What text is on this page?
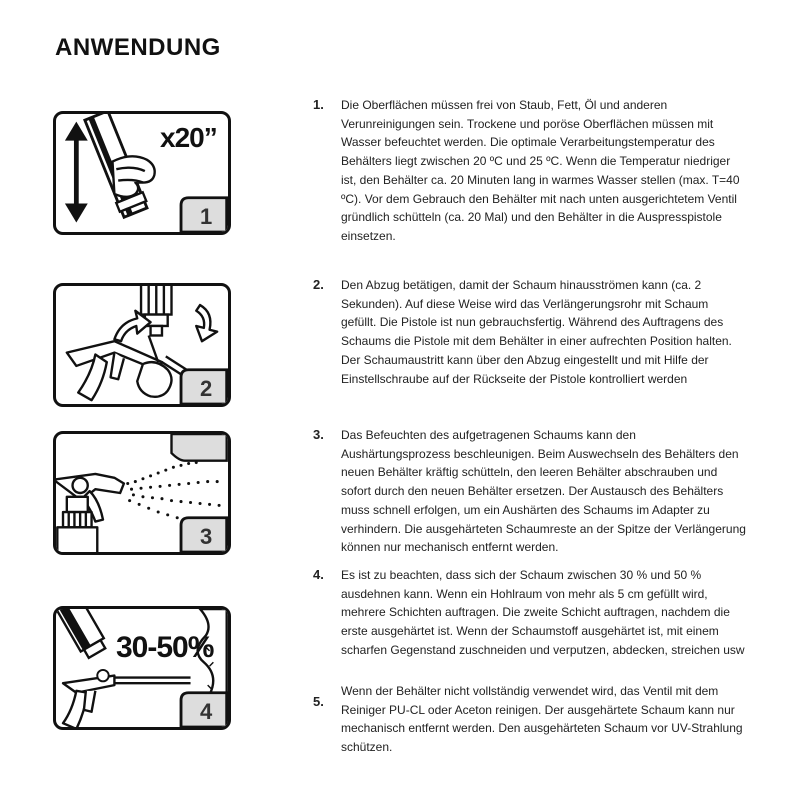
ANWENDUNG
x20”
1
2
3
30-50%
4
1. Die Oberflächen müssen frei von Staub, Fett, Öl und anderen Verunreinigungen sein. Trockene und poröse Oberflächen müssen mit Wasser befeuchtet werden. Die optimale Verarbeitungstemperatur des Behälters liegt zwischen 20 ºC und 25 ºC. Wenn die Temperatur niedriger ist, den Behälter ca. 20 Minuten lang in warmes Wasser stellen (max. T=40 ºC). Vor dem Gebrauch den Behälter mit nach unten ausgerichtetem Ventil gründlich schütteln (ca. 20 Mal) und den Behälter in die Auspresspistole einsetzen.
2. Den Abzug betätigen, damit der Schaum hinausströmen kann (ca. 2 Sekunden). Auf diese Weise wird das Verlängerungsrohr mit Schaum gefüllt. Die Pistole ist nun gebrauchsfertig. Während des Auftragens des Schaums die Pistole mit dem Behälter in einer aufrechten Position halten. Der Schaumaustritt kann über den Abzug eingestellt und mit Hilfe der Einstellschraube auf der Rückseite der Pistole kontrolliert werden
3. Das Befeuchten des aufgetragenen Schaums kann den Aushärtungsprozess beschleunigen. Beim Auswechseln des Behälters den neuen Behälter kräftig schütteln, den leeren Behälter abschrauben und sofort durch den neuen Behälter ersetzen. Der Austausch des Behälters muss schnell erfolgen, um ein Aushärten des Schaums im Adapter zu verhindern. Die ausgehärteten Schaumreste an der Spitze der Verlängerung können nur mechanisch entfernt werden.
4. Es ist zu beachten, dass sich der Schaum zwischen 30 % und 50 % ausdehnen kann. Wenn ein Hohlraum von mehr als 5 cm gefüllt wird, mehrere Schichten auftragen. Die zweite Schicht auftragen, nachdem die erste ausgehärtet ist. Wenn der Schaumstoff ausgehärtet ist, mit einem scharfen Gegenstand zuschneiden und verputzen, abdecken, streichen usw
5.
Wenn der Behälter nicht vollständig verwendet wird, das Ventil mit dem Reiniger PU-CL oder Aceton reinigen. Der ausgehärtete Schaum kann nur mechanisch entfernt werden. Den ausgehärteten Schaum vor UV-Strahlung schützen.
